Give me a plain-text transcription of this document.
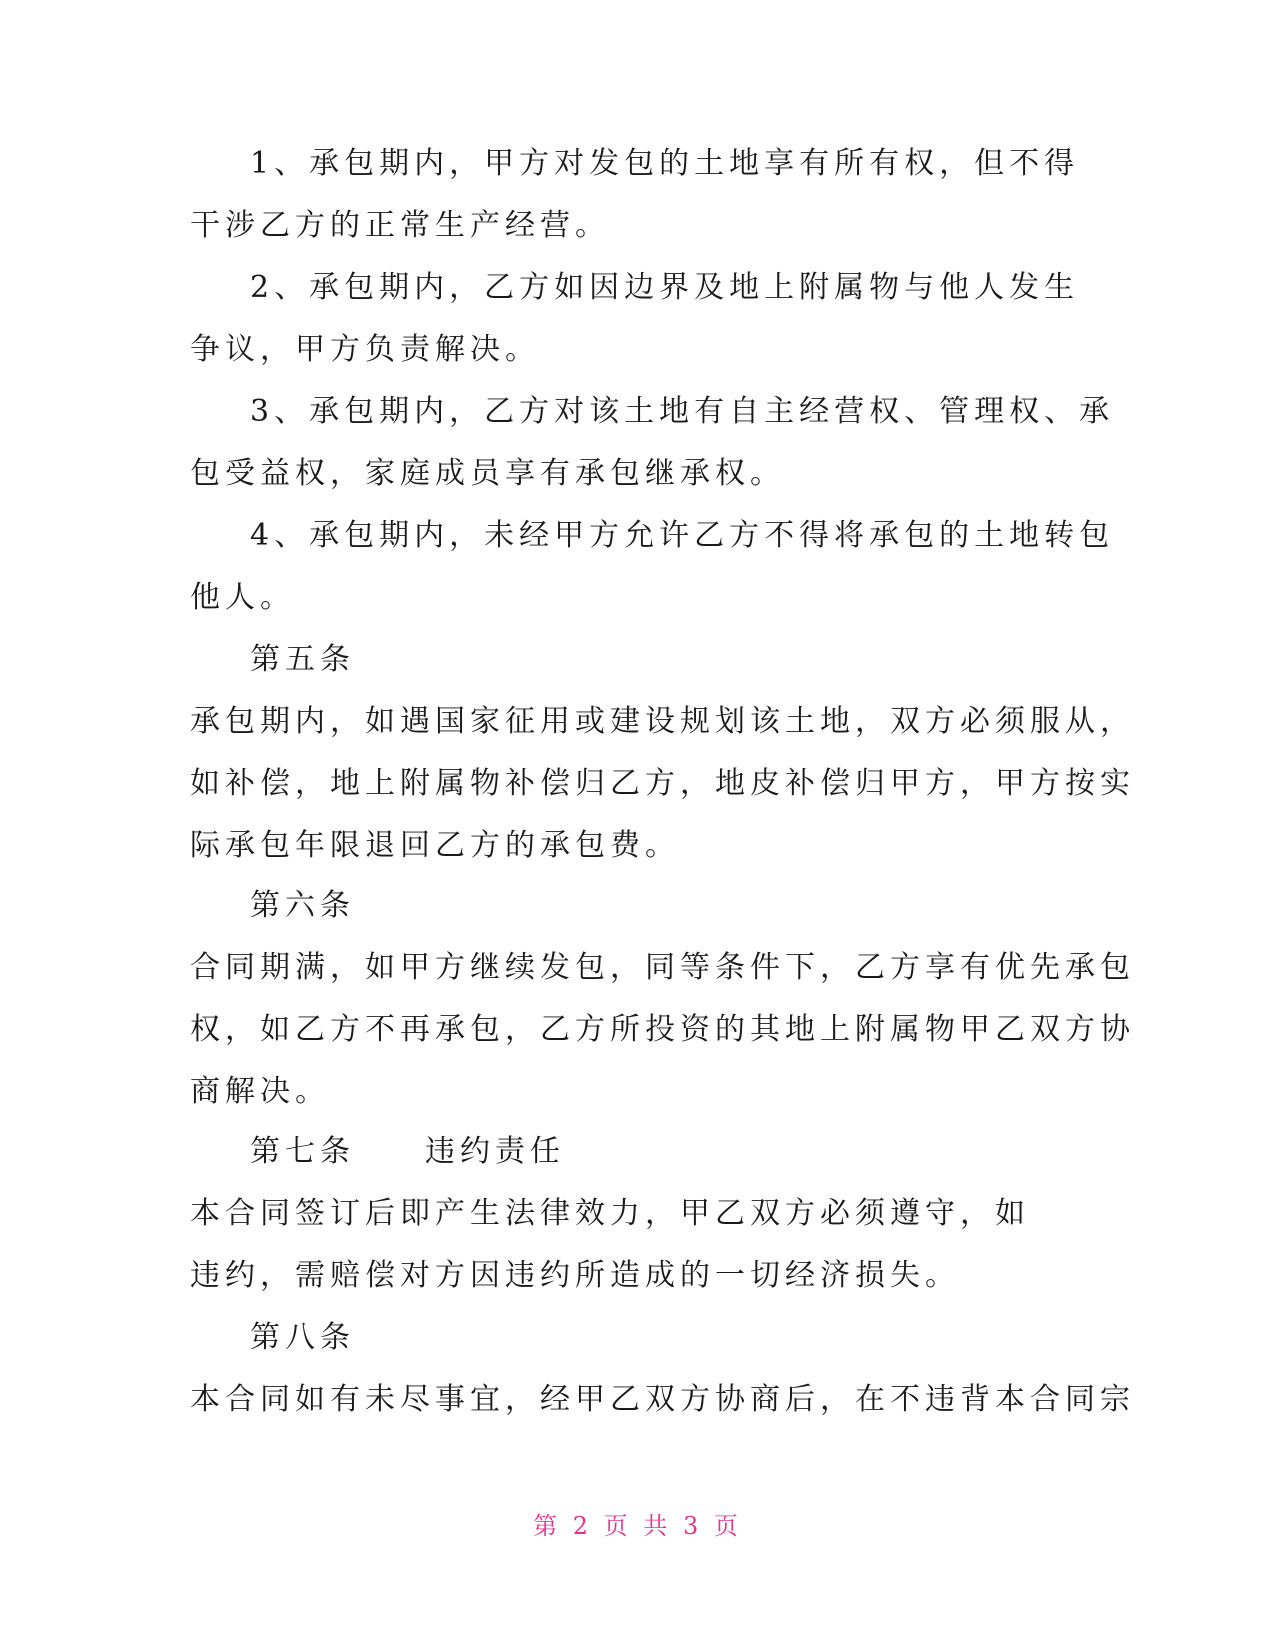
1、承包期内，甲方对发包的土地享有所有权，但不得
干涉乙方的正常生产经营。
2、承包期内，乙方如因边界及地上附属物与他人发生
争议，甲方负责解决。
3、承包期内，乙方对该土地有自主经营权、管理权、承
包受益权，家庭成员享有承包继承权。
4、承包期内，未经甲方允许乙方不得将承包的土地转包
他人。
第五条
承包期内，如遇国家征用或建设规划该土地，双方必须服从，
如补偿，地上附属物补偿归乙方，地皮补偿归甲方，甲方按实
际承包年限退回乙方的承包费。
第六条
合同期满，如甲方继续发包，同等条件下，乙方享有优先承包
权，如乙方不再承包，乙方所投资的其地上附属物甲乙双方协
商解决。
第七条　　违约责任
本合同签订后即产生法律效力，甲乙双方必须遵守，如
违约，需赔偿对方因违约所造成的一切经济损失。
第八条
本合同如有未尽事宜，经甲乙双方协商后，在不违背本合同宗
第 2 页 共 3 页
